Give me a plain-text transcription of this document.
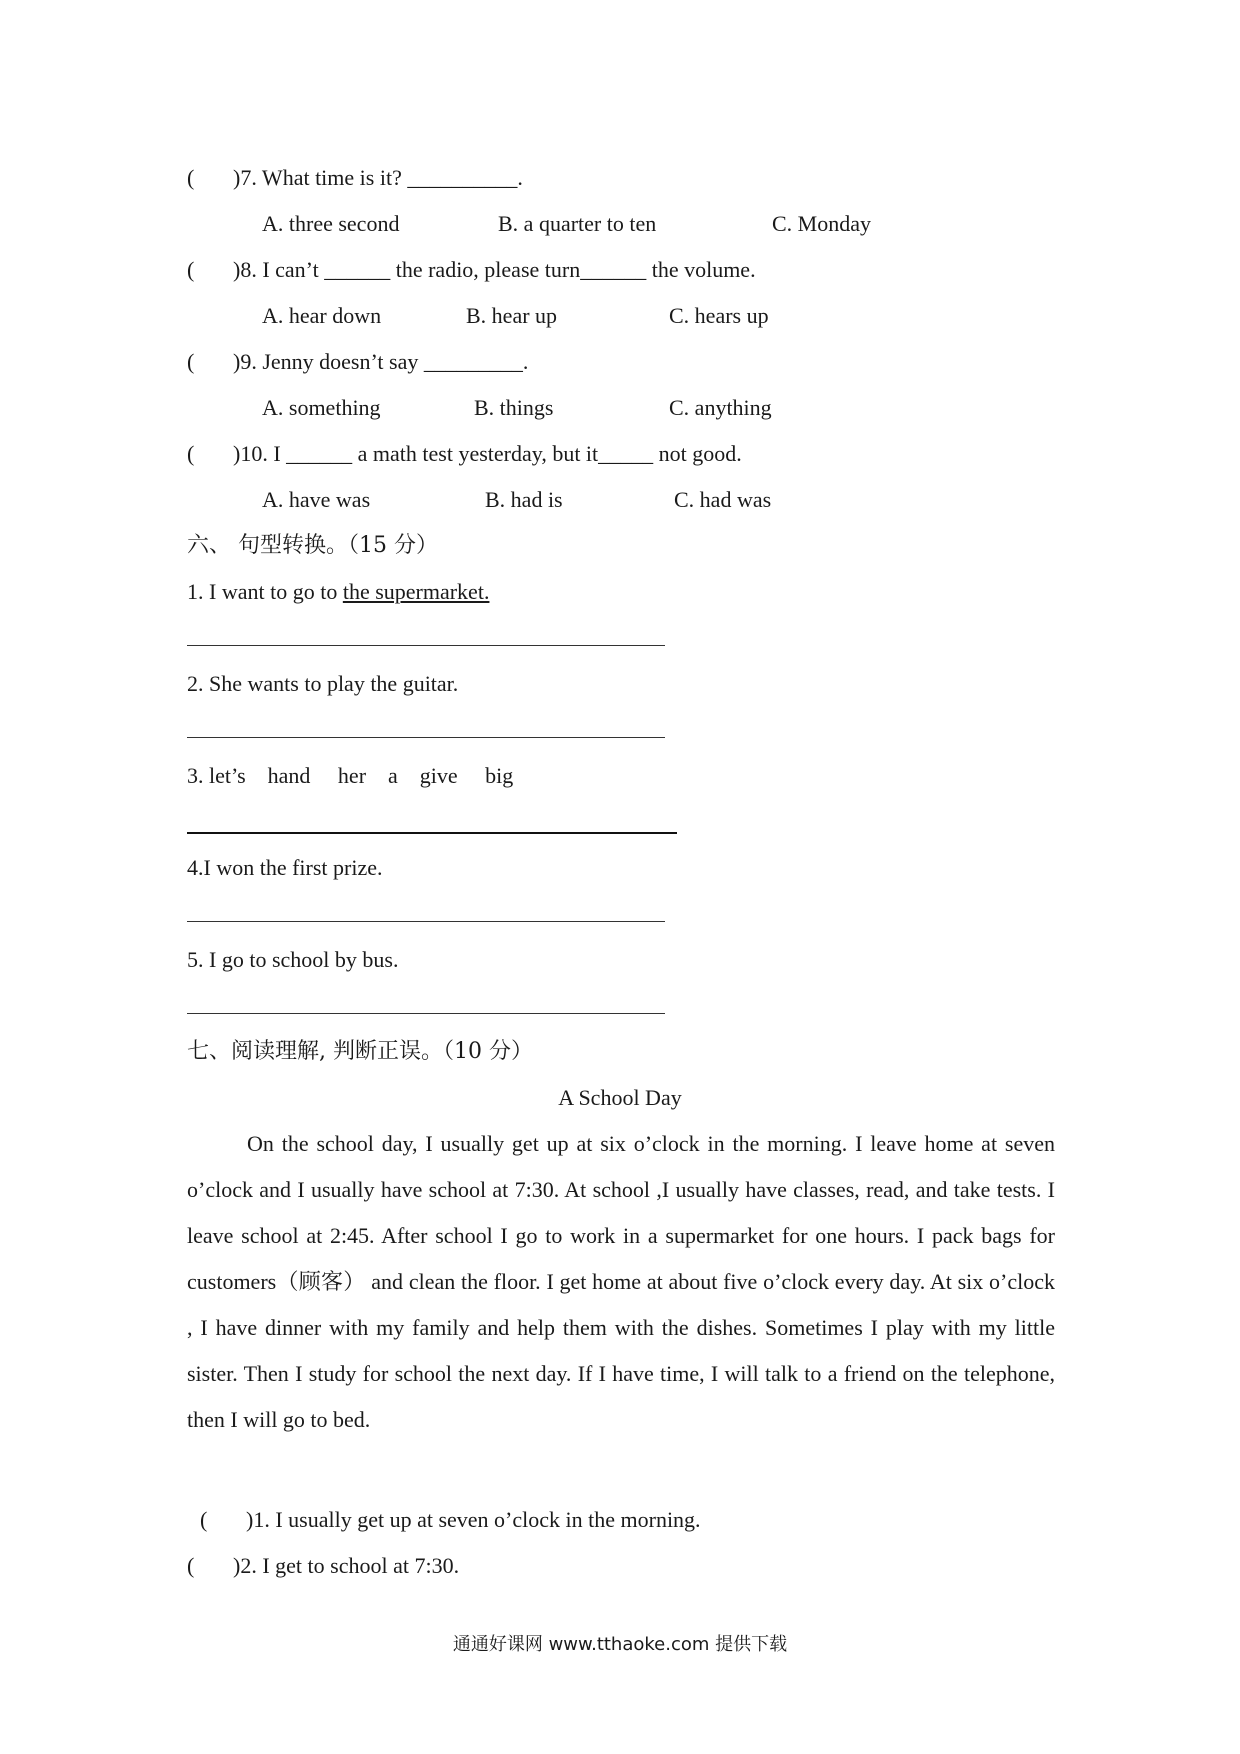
( )7. What time is it? __________.
A. three second	B. a quarter to ten	C. Monday
( )8. I can’t ______ the radio, please turn______ the volume.
A. hear down	B. hear up	C. hears up
( )9. Jenny doesn’t say _________.
A. something	B. things	C. anything
( )10. I ______ a math test yesterday, but it_____ not good.
A. have was	B. had is	C. had was
六、 句型转换。（15 分）
1. I want to go to the supermarket.
2. She wants to play the guitar.
3. let’s    hand     her    a    give     big
4.I won the first prize.
5. I go to school by bus.
七、阅读理解, 判断正误。（10 分）
A School Day

On the school day, I usually get up at six o’clock in the morning. I leave home at seven o’clock and I usually have school at 7:30. At school ,I usually have classes, read, and take tests. I leave school at 2:45. After school I go to work in a supermarket for one hours. I pack bags for customers（顾客） and clean the floor. I get home at about five o’clock every day. At six o’clock , I have dinner with my family and help them with the dishes. Sometimes I play with my little sister. Then I study for school the next day. If I have time, I will talk to a friend on the telephone, then I will go to bed.

( )1. I usually get up at seven o’clock in the morning.
( )2. I get to school at 7:30.
通通好课网 www.tthaoke.com 提供下载
